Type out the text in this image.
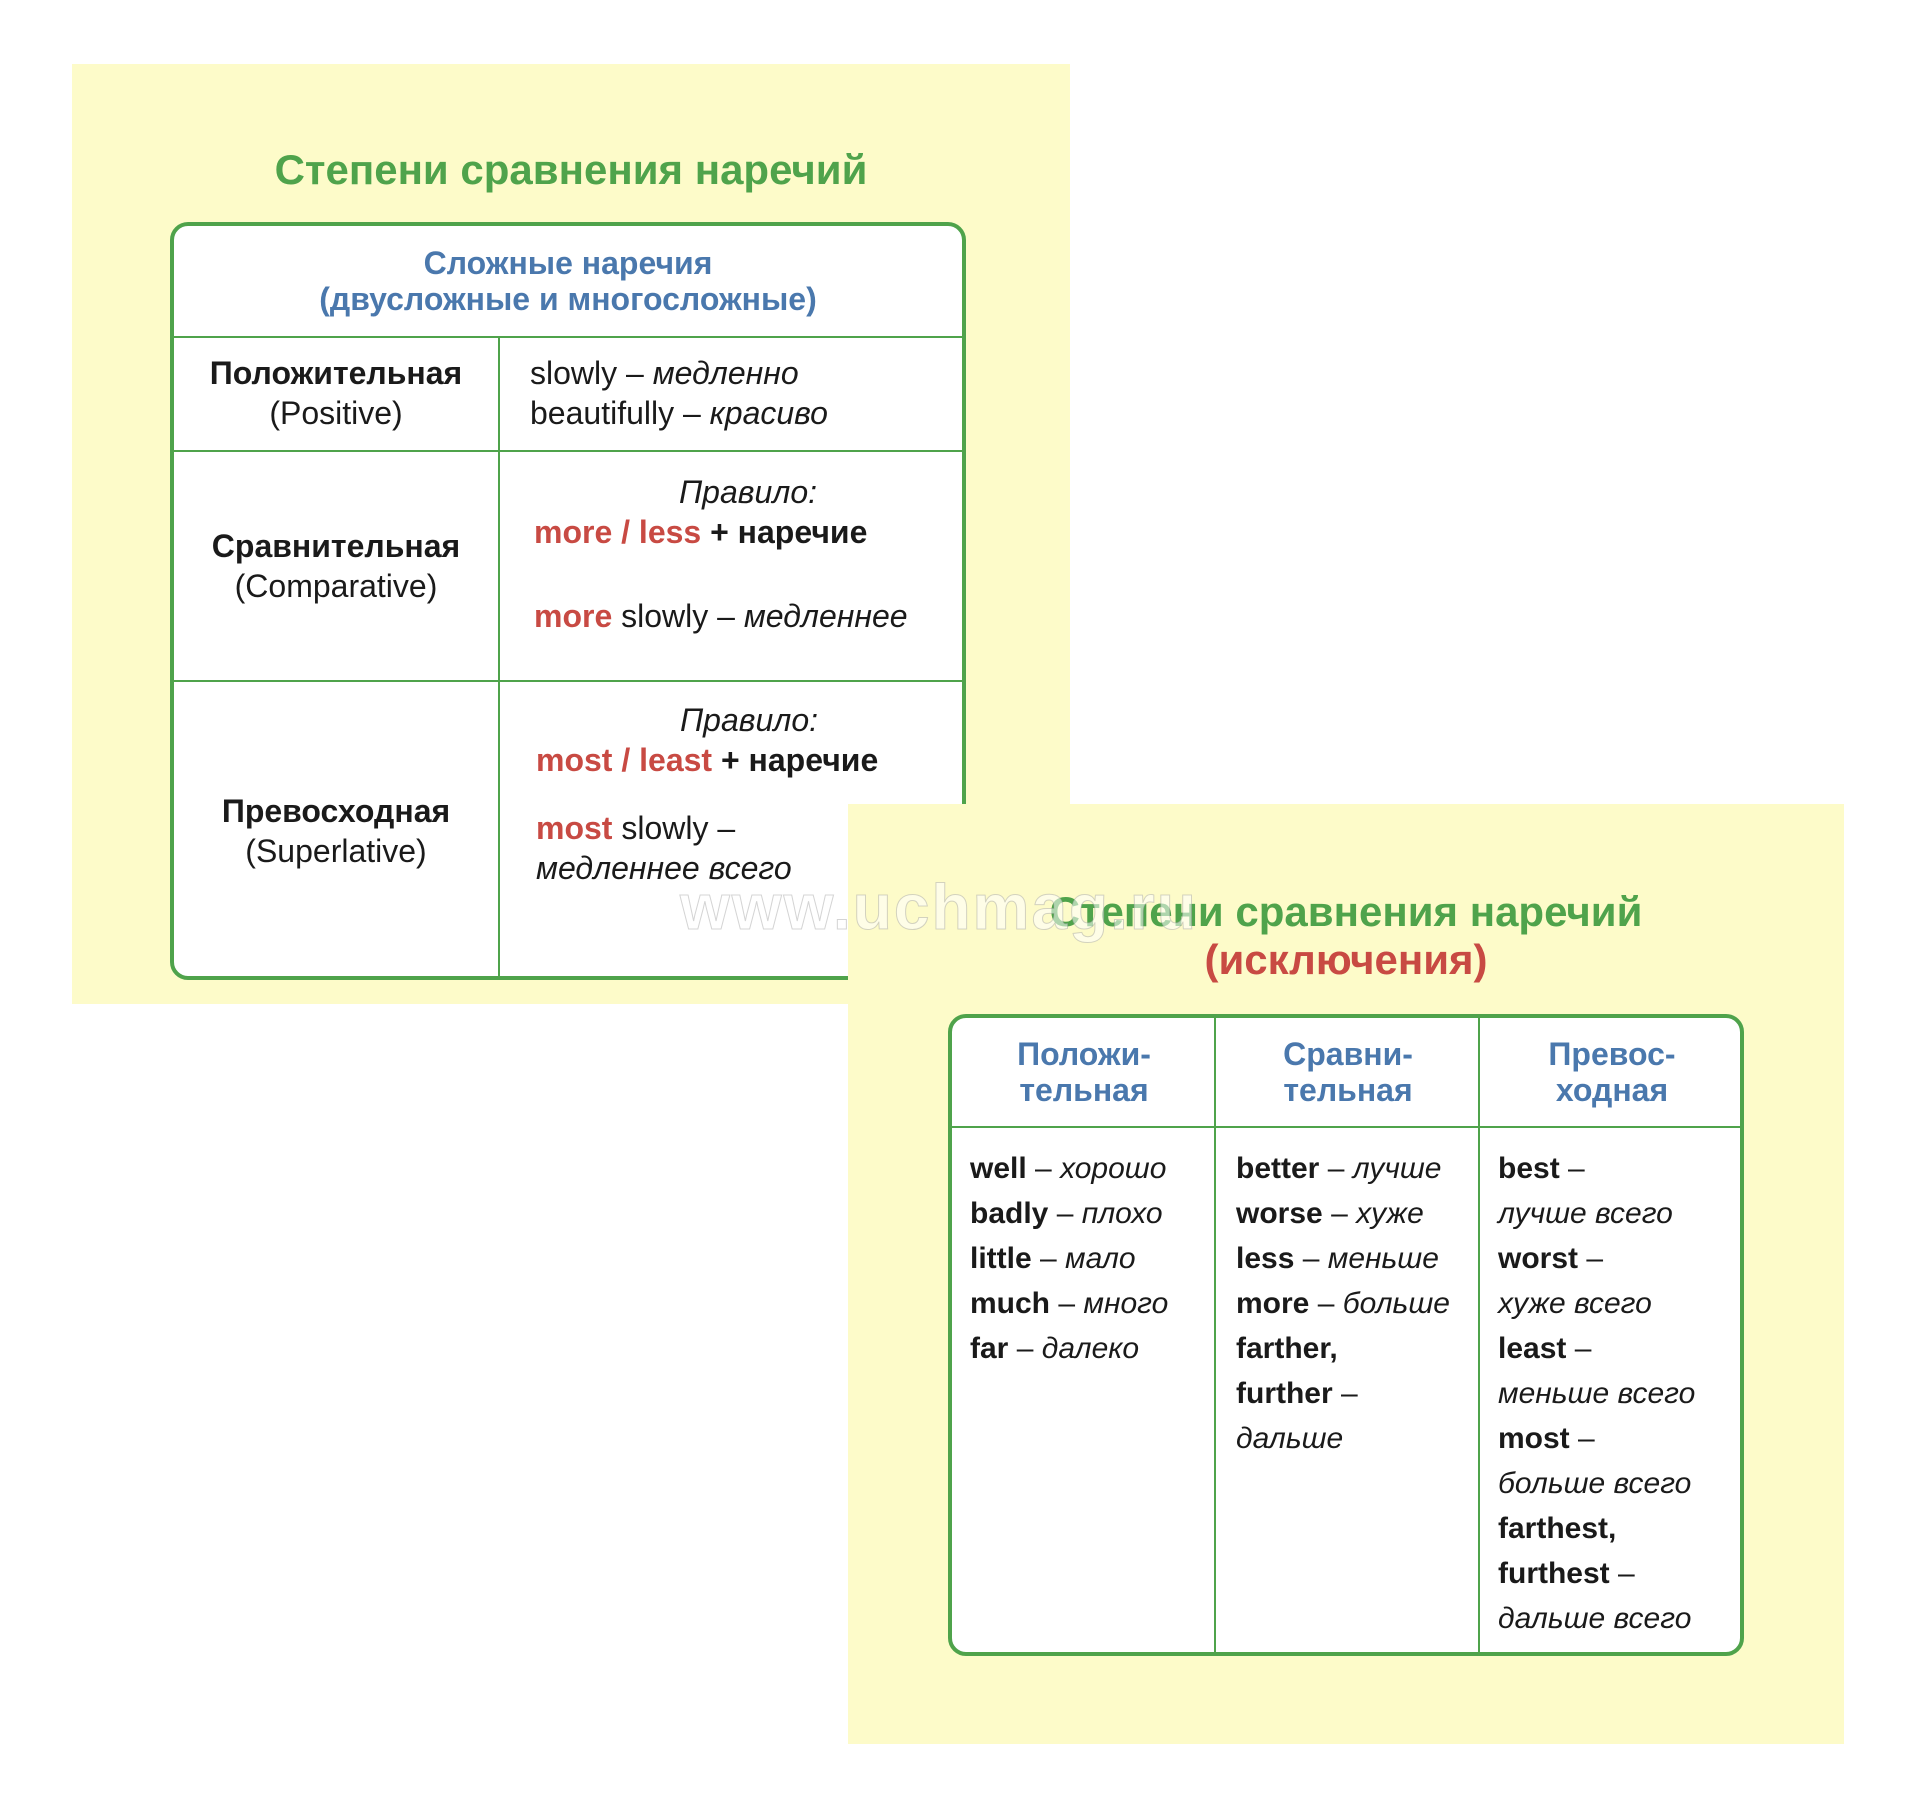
Степени сравнения наречий
Сложные наречия
(двусложные и многосложные)
Положительная
(Positive)
slowly – медленно
beautifully – красиво
Сравнительная
(Comparative)
Правило:
more / less + наречие
more slowly – медленнее
Превосходная
(Superlative)
Правило:
most / least + наречие
most slowly –
медленнее всего
Степени сравнения наречий
(исключения)
Положи-
тельная
well – хорошо
badly – плохо
little – мало
much – много
far – далеко
Сравни-
тельная
better – лучше
worse – хуже
less – меньше
more – больше
farther,
further –
дальше
Превос-
ходная
best –
лучше всего
worst –
хуже всего
least –
меньше всего
most –
больше всего
farthest,
furthest –
дальше всего
www.uchmag.ru
